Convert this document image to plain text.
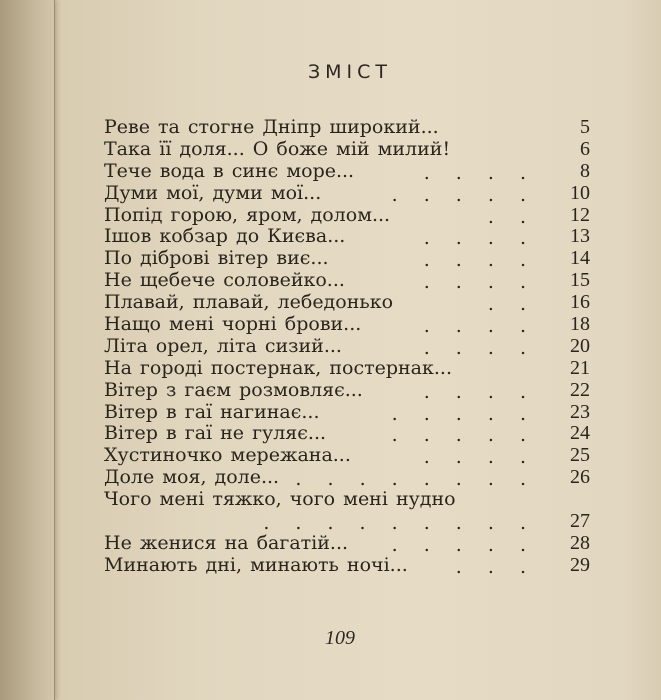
ЗМІСТ
Реве та стогне Дніпр широкий...	5
Така її доля... О боже мій милий!	6
Тече вода в синє море...	. . . .	8
Думи мої, думи мої...	. . . . .	10
Попід горою, яром, долом...	. .	12
Ішов кобзар до Києва...	. . . .	13
По діброві вітер виє...	. . . .	14
Не щебече соловейко...	. . . .	15
Плавай, плавай, лебедонько	. .	16
Нащо мені чорні брови...	. . . .	18
Літа орел, літа сизий...	. . . .	20
На городі постернак, постернак...	21
Вітер з гаєм розмовляє...	. . . .	22
Вітер в гаї нагинає...	. . . . .	23
Вітер в гаї не гуляє...	. . . . .	24
Хустиночко мережана...	. . . .	25
Доле моя, доле... . . . . . . . .	26
Чого мені тяжко, чого мені нудно
. . . . . . . . .	27
Не женися на багатій...	. . . . .	28
Минають дні, минають ночі...	. . .	29
109
